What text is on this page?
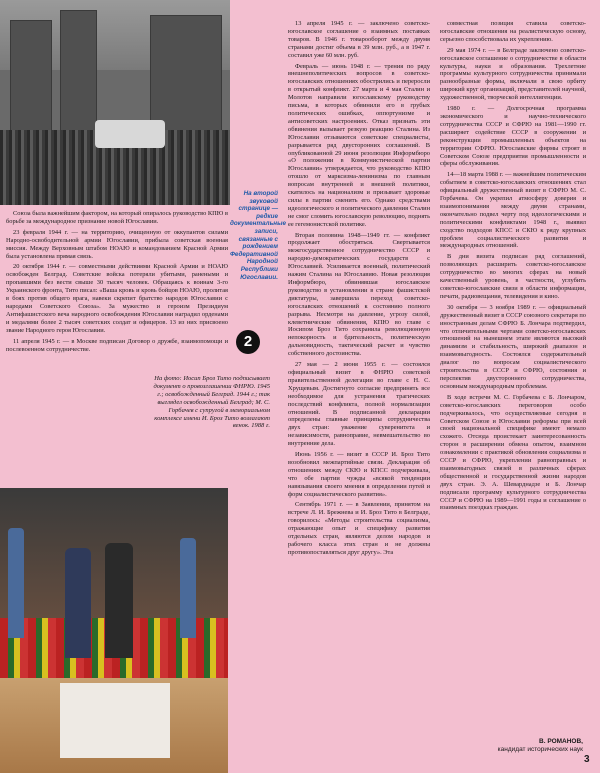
Союза была важнейшим фактором, на который опиралось руководство КПЮ в борьбе за международное признание новой Югославии.

23 февраля 1944 г. — на территорию, очищенную от оккупантов силами Народно-освободительной армии Югославии, прибыла советская военная миссия. Между Верховным штабом НОАЮ и командованием Красной Армии была установлена прямая связь.

20 октября 1944 г. — совместными действиями Красной Армии и НОАЮ освобожден Белград. Советские войска потеряли убитыми, ранеными и пропавшими без вести свыше 30 тысяч человек. Обращаясь к воинам 3-го Украинского фронта, Тито писал: «Ваша кровь и кровь бойцов НОАЮ, пролитая в боях против общего врага, навеки скрепит братство народов Югославии с народами Советского Союза». За мужество и героизм Президиум Антифашистского веча народного освобождения Югославии наградил орденами и медалями более 2 тысяч советских солдат и офицеров. 13 из них присвоено звание Народного героя Югославии.

11 апреля 1945 г. — в Москве подписан Договор о дружбе, взаимопомощи и послевоенном сотрудничестве.

На второй звуковой странице — редкие документальные записи, связанные с рождением Федеративной Народной Республики Югославии.
2
На фото: Иосип Броз Тито подписывает документ о провозглашении ФНРЮ. 1945 г.; освобожденный Белград. 1944 г.; так выглядел освобожденный Белград; М. С. Горбачев с супругой в мемориальном комплексе имени И. Броз Тито возлагают венок. 1988 г.

13 апреля 1945 г. — заключено советско-югославское соглашение о взаимных поставках товаров. В 1946 г. товарооборот между двумя странами достиг объема в 39 млн. руб., а в 1947 г. составил уже 60 млн. руб.

Февраль — июнь 1948 г. — трения по ряду внешнеполитических вопросов в советско-югославских отношениях обострились и переросли в открытый конфликт. 27 марта и 4 мая Сталин и Молотов направили югославскому руководству письма, в которых обвинили его в грубых политических ошибках, оппортунизме и антисоветских настроениях. Отказ признать эти обвинения вызывает резкую реакцию Сталина. Из Югославии отзываются советские специалисты, разрывается ряд двусторонних соглашений. В опубликованной 29 июня резолюции Информбюро «О положении в Коммунистической партии Югославии» утверждается, что руководство КПЮ отошло от марксизма-ленинизма по главным вопросам внутренней и внешней политики, скатилось на национализм и призывает здоровые силы в партии сменить его. Однако средствами идеологического и политического давления Сталин не смог сломить югославскую революцию, поднять ее гегемонистской политике.

Вторая половина 1948—1949 гг. — конфликт продолжает обостряться. Свертывается межгосударственное сотрудничество СССР и народно-демократических государств с Югославией. Усиливается военный, политический нажим Сталина на Югославию. Новая резолюция Информбюро, обвинявшая югославское руководство в установлении в стране фашистской диктатуры, завершила переход советско-югославских отношений к состоянию полного разрыва. Несмотря на давление, угрозу силой, клеветнические обвинения, КПЮ во главе с Иосипом Броз Тито сохранила революционную непокорность и бдительность, политическую дальновидность, тактический расчет и чувство собственного достоинства.

27 мая — 2 июня 1955 г. — состоялся официальный визит в ФНРЮ советской правительственной делегации во главе с Н. С. Хрущевым. Достигнуто согласие предпринять все необходимое для устранения трагических последствий конфликта, полной нормализации отношений. В подписанной декларации определены главные принципы сотрудничества двух стран: уважение суверенитета и независимости, равноправие, невмешательство во внутренние дела.

Июнь 1956 г. — визит в СССР И. Броз Тито возобновил межпартийные связи. Декларация об отношениях между СКЮ и КПСС подчеркивала, что обе партии чужды «всякой тенденции навязывания своего мнения в определении путей и форм социалистического развития».

Сентябрь 1971 г. — в Заявлении, принятом на встрече Л. И. Брежнева и И. Броз Тито в Белграде, говорилось: «Методы строительства социализма, отражающие опыт и специфику развития отдельных стран, являются делом народов и рабочего класса этих стран и не должны противопоставляться друг другу». Эта

совместная позиция ставила советско-югославские отношения на реалистическую основу, серьезно способствовала их укреплению.

29 мая 1974 г. — в Белграде заключено советско-югославское соглашение о сотрудничестве в области культуры, науки и образования. Трехлетние программы культурного сотрудничества принимали разнообразные формы, включали в свою орбиту широкий круг организаций, представителей научной, художественной, творческой интеллигенции.

1980 г. — Долгосрочная программа экономического и научно-технического сотрудничества СССР и СФРЮ на 1981—1990 гг. расширяет содействие СССР в сооружении и реконструкции промышленных объектов на территории СФРЮ. Югославские фирмы строят в Советском Союзе предприятия промышленности и сферы обслуживания.

14—18 марта 1988 г. — важнейшим политическим событием в советско-югославских отношениях стал официальный дружественный визит в СФРЮ М. С. Горбачева. Он укрепил атмосферу доверия и взаимопонимания между двумя странами, окончательно подвел черту под идеологическими и политическими конфликтами 1948 г., выявил сходство подходов КПСС и СКЮ к ряду крупных проблем социалистического развития и международных отношений.

В дни визита подписан ряд соглашений, позволяющих расширить советско-югославское сотрудничество во многих сферах на новый качественный уровень, в частности, углубить советско-югославские связи в области информации, печати, радиовещания, телевидения и кино.

30 октября — 3 ноября 1989 г. — официальный дружественный визит в СССР союзного секретаря по иностранным делам СФРЮ Б. Лончара подтвердил, что отличительными чертами советско-югославских отношений на нынешнем этапе являются высокий динамизм и стабильность, широкий диапазон и взаимовыгодность. Состоялся содержательный диалог по вопросам социалистического строительства в СССР и СФРЮ, состояния и перспектив двустороннего сотрудничества, основным международным проблемам.

В ходе встречи М. С. Горбачева с Б. Лончаром, советско-югославских переговоров особо подчеркивалось, что осуществляемые сегодня в Советском Союзе и Югославии реформы при всей своей национальной специфике имеют немало схожего. Отсюда проистекает заинтересованность сторон в расширении обмена опытом, взаимном ознакомлении с практикой обновления социализма в СССР и СФРЮ, укреплении равноправных и взаимовыгодных связей в различных сферах общественной и государственной жизни народов двух стран. Э. А. Шеварднадзе и Б. Лончар подписали программу культурного сотрудничества СССР и СФРЮ на 1989—1991 годы и соглашение о взаимных поездках граждан.

В. РОМАНОВ,
кандидат исторических наук
3
